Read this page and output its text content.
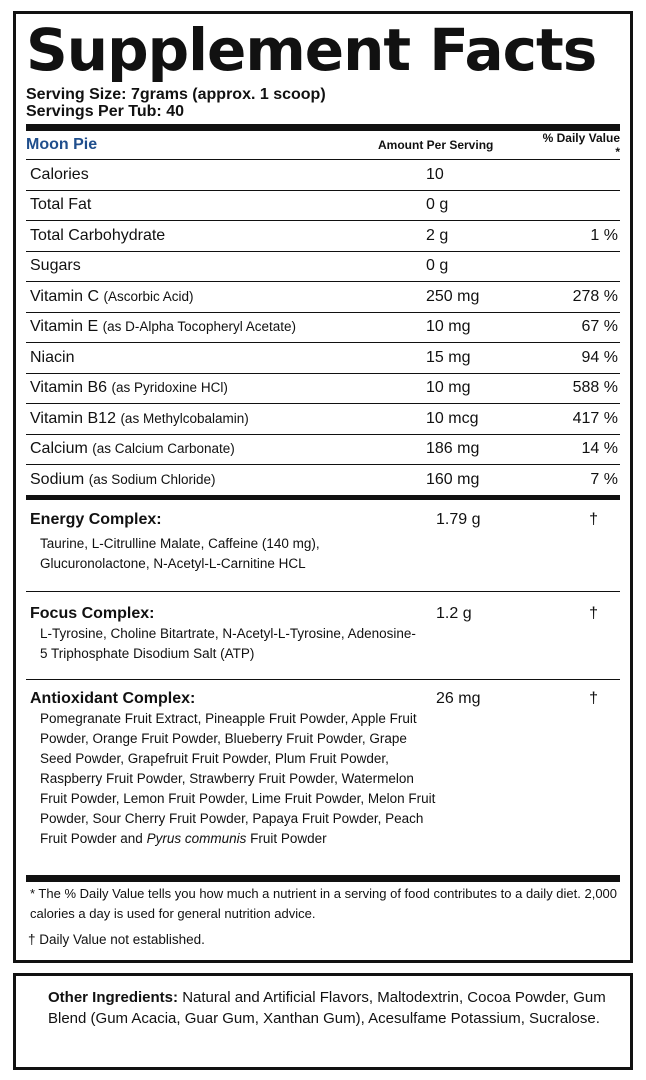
Supplement Facts
Serving Size: 7grams (approx. 1 scoop)
Servings Per Tub: 40
Moon Pie	Amount Per Serving	% Daily Value *
Calories	10
Total Fat	0 g
Total Carbohydrate	2 g	1 %
Sugars	0 g
Vitamin C (Ascorbic Acid)	250 mg	278 %
Vitamin E (as D-Alpha Tocopheryl Acetate)	10 mg	67 %
Niacin	15 mg	94 %
Vitamin B6 (as Pyridoxine HCl)	10 mg	588 %
Vitamin B12 (as Methylcobalamin)	10 mcg	417 %
Calcium (as Calcium Carbonate)	186 mg	14 %
Sodium (as Sodium Chloride)	160 mg	7 %
Energy Complex:	1.79 g	†
Taurine, L-Citrulline Malate, Caffeine (140 mg), Glucuronolactone, N-Acetyl-L-Carnitine HCL
Focus Complex:	1.2 g	†
L-Tyrosine, Choline Bitartrate, N-Acetyl-L-Tyrosine, Adenosine-5 Triphosphate Disodium Salt (ATP)
Antioxidant Complex:	26 mg	†
Pomegranate Fruit Extract, Pineapple Fruit Powder, Apple Fruit Powder, Orange Fruit Powder, Blueberry Fruit Powder, Grape Seed Powder, Grapefruit Fruit Powder, Plum Fruit Powder, Raspberry Fruit Powder, Strawberry Fruit Powder, Watermelon Fruit Powder, Lemon Fruit Powder, Lime Fruit Powder, Melon Fruit Powder, Sour Cherry Fruit Powder, Papaya Fruit Powder, Peach Fruit Powder and Pyrus communis Fruit Powder
* The % Daily Value tells you how much a nutrient in a serving of food contributes to a daily diet. 2,000 calories a day is used for general nutrition advice.
† Daily Value not established.
Other Ingredients: Natural and Artificial Flavors, Maltodextrin, Cocoa Powder, Gum Blend (Gum Acacia, Guar Gum, Xanthan Gum), Acesulfame Potassium, Sucralose.
